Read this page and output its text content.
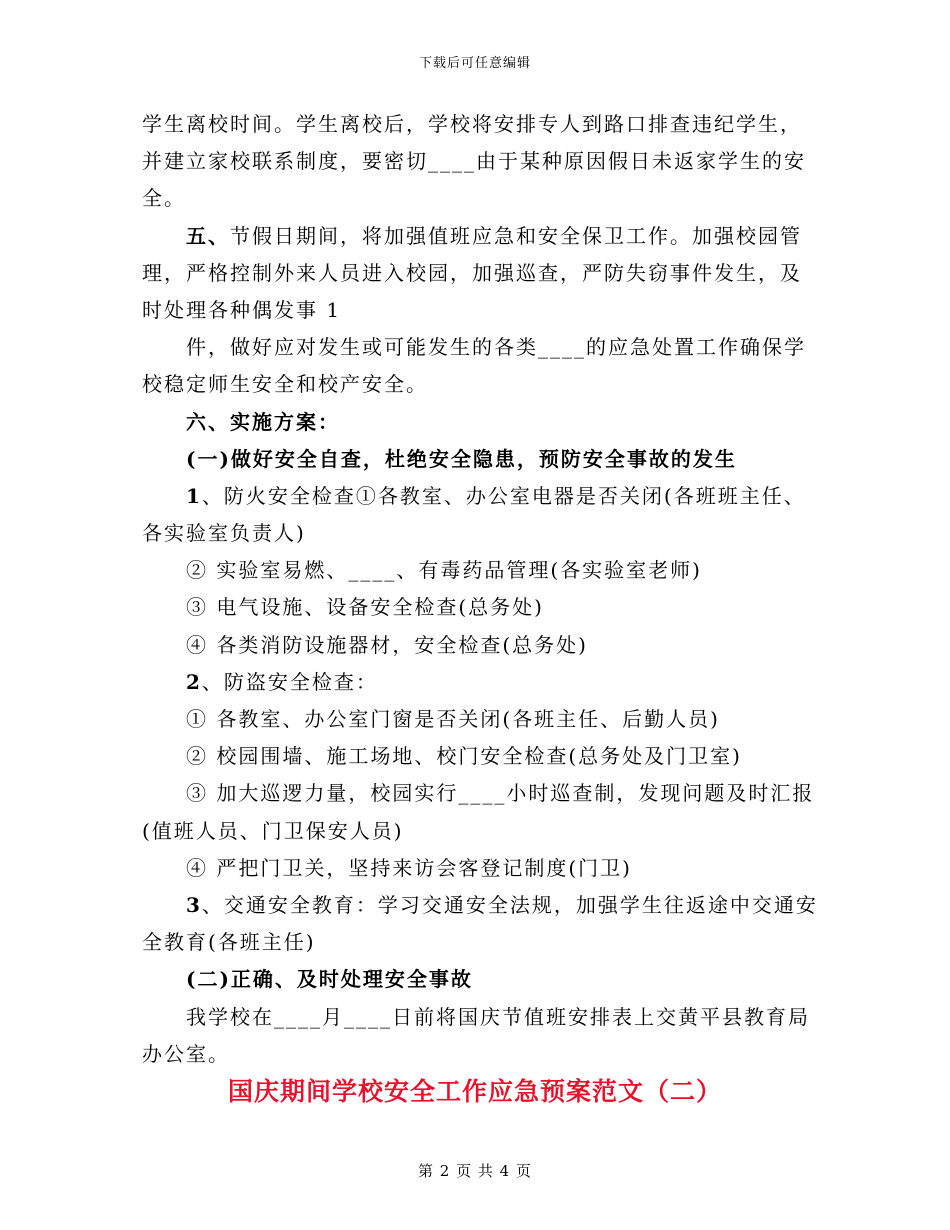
下载后可任意编辑
学生离校时间。学生离校后，学校将安排专人到路口排查违纪学生，
并建立家校联系制度，要密切____由于某种原因假日未返家学生的安
全。
五、节假日期间，将加强值班应急和安全保卫工作。加强校园管
理，严格控制外来人员进入校园，加强巡查，严防失窃事件发生，及
时处理各种偶发事 1
件，做好应对发生或可能发生的各类____的应急处置工作确保学
校稳定师生安全和校产安全。
六、实施方案：
(一)做好安全自查，杜绝安全隐患，预防安全事故的发生
1、防火安全检查①各教室、办公室电器是否关闭(各班班主任、
各实验室负责人)
② 实验室易燃、____、有毒药品管理(各实验室老师)
③ 电气设施、设备安全检查(总务处)
④ 各类消防设施器材，安全检查(总务处)
2、防盗安全检查：
① 各教室、办公室门窗是否关闭(各班主任、后勤人员)
② 校园围墙、施工场地、校门安全检查(总务处及门卫室)
③ 加大巡逻力量，校园实行____小时巡查制，发现问题及时汇报
(值班人员、门卫保安人员)
④ 严把门卫关，坚持来访会客登记制度(门卫)
3、交通安全教育：学习交通安全法规，加强学生往返途中交通安
全教育(各班主任)
(二)正确、及时处理安全事故
我学校在____月____日前将国庆节值班安排表上交黄平县教育局
办公室。
国庆期间学校安全工作应急预案范文（二）
第 2 页 共 4 页
